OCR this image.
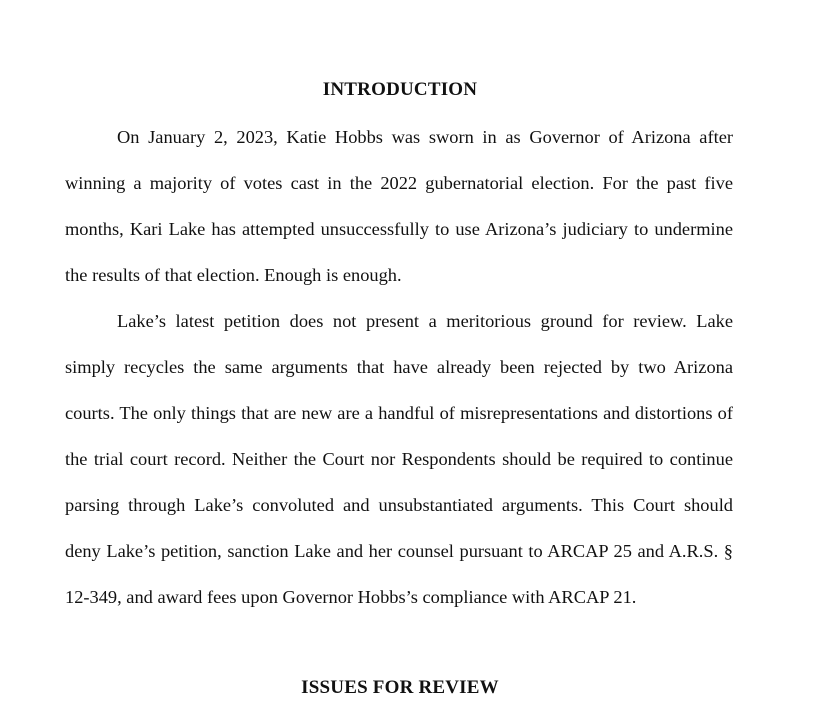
INTRODUCTION

On January 2, 2023, Katie Hobbs was sworn in as Governor of Arizona after winning a majority of votes cast in the 2022 gubernatorial election. For the past five months, Kari Lake has attempted unsuccessfully to use Arizona’s judiciary to undermine the results of that election. Enough is enough.

Lake’s latest petition does not present a meritorious ground for review. Lake simply recycles the same arguments that have already been rejected by two Arizona courts. The only things that are new are a handful of misrepresentations and distortions of the trial court record. Neither the Court nor Respondents should be required to continue parsing through Lake’s convoluted and unsubstantiated arguments. This Court should deny Lake’s petition, sanction Lake and her counsel pursuant to ARCAP 25 and A.R.S. § 12-349, and award fees upon Governor Hobbs’s compliance with ARCAP 21.

ISSUES FOR REVIEW
